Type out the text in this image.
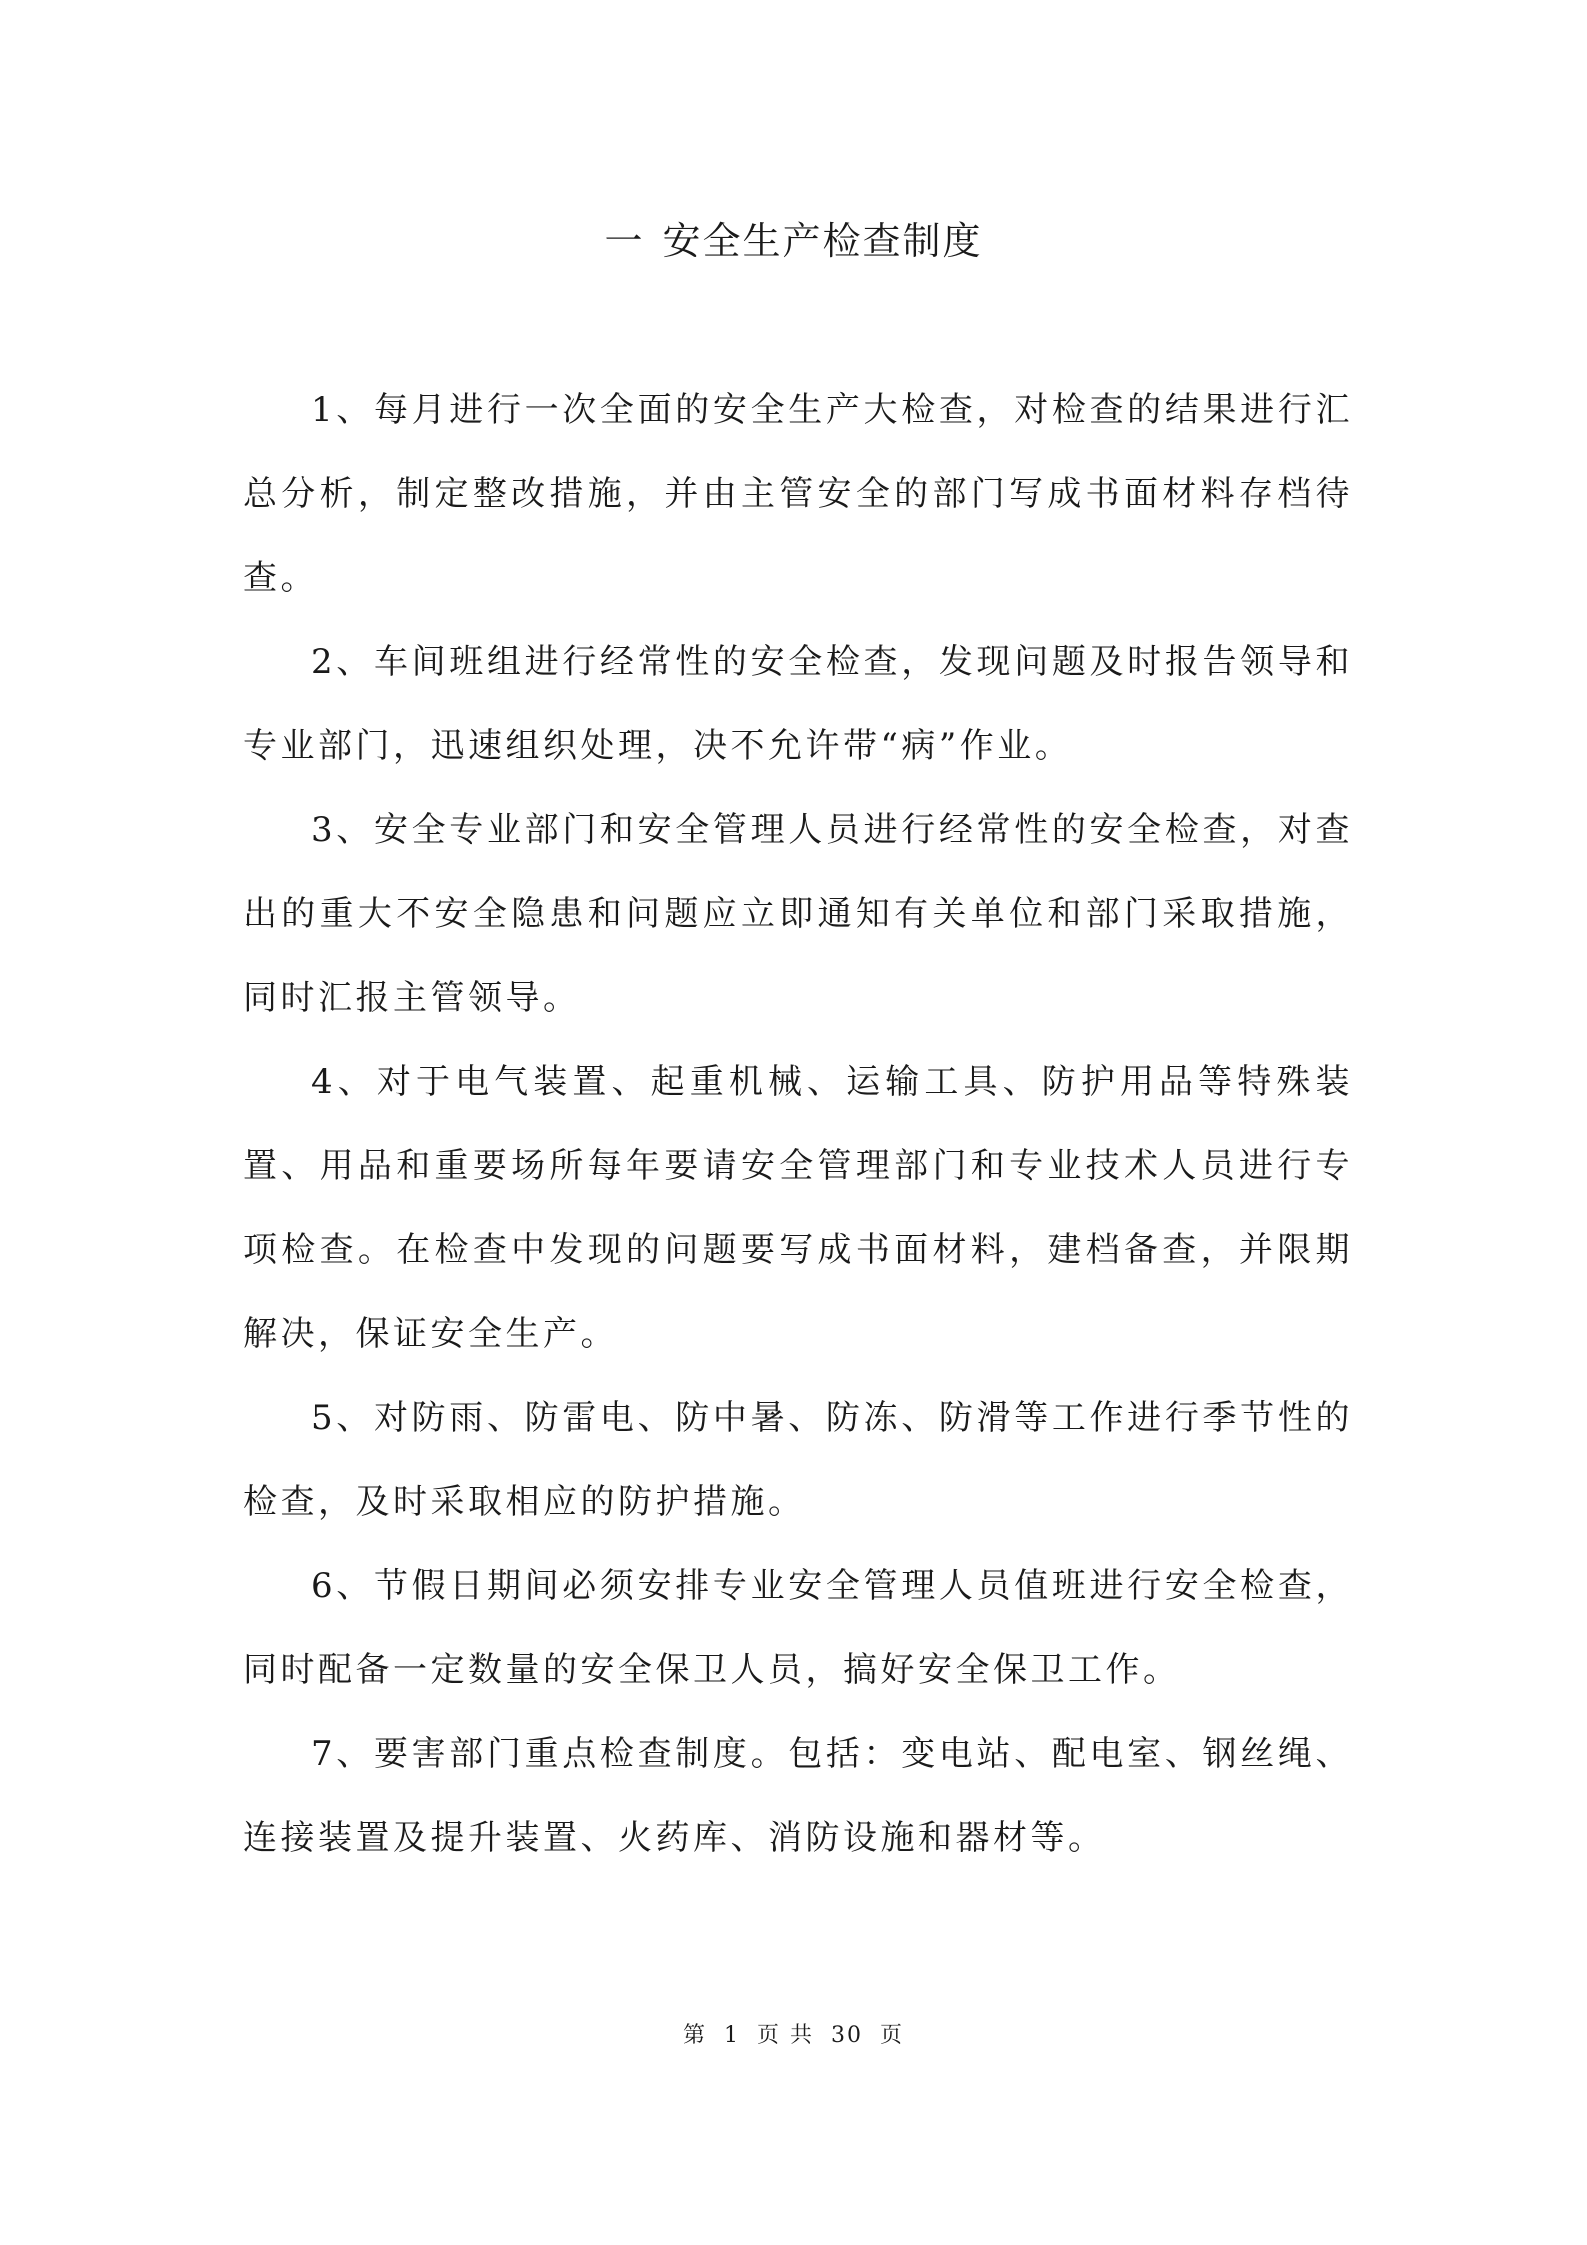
一 安全生产检查制度

1、每月进行一次全面的安全生产大检查，对检查的结果进行汇总分析，制定整改措施，并由主管安全的部门写成书面材料存档待查。

2、车间班组进行经常性的安全检查，发现问题及时报告领导和专业部门，迅速组织处理，决不允许带“病”作业。

3、安全专业部门和安全管理人员进行经常性的安全检查，对查出的重大不安全隐患和问题应立即通知有关单位和部门采取措施，同时汇报主管领导。

4、对于电气装置、起重机械、运输工具、防护用品等特殊装置、用品和重要场所每年要请安全管理部门和专业技术人员进行专项检查。在检查中发现的问题要写成书面材料，建档备查，并限期解决，保证安全生产。

5、对防雨、防雷电、防中暑、防冻、防滑等工作进行季节性的检查，及时采取相应的防护措施。

6、节假日期间必须安排专业安全管理人员值班进行安全检查，同时配备一定数量的安全保卫人员，搞好安全保卫工作。

7、要害部门重点检查制度。包括：变电站、配电室、钢丝绳、连接装置及提升装置、火药库、消防设施和器材等。

第 1 页 共 30 页
